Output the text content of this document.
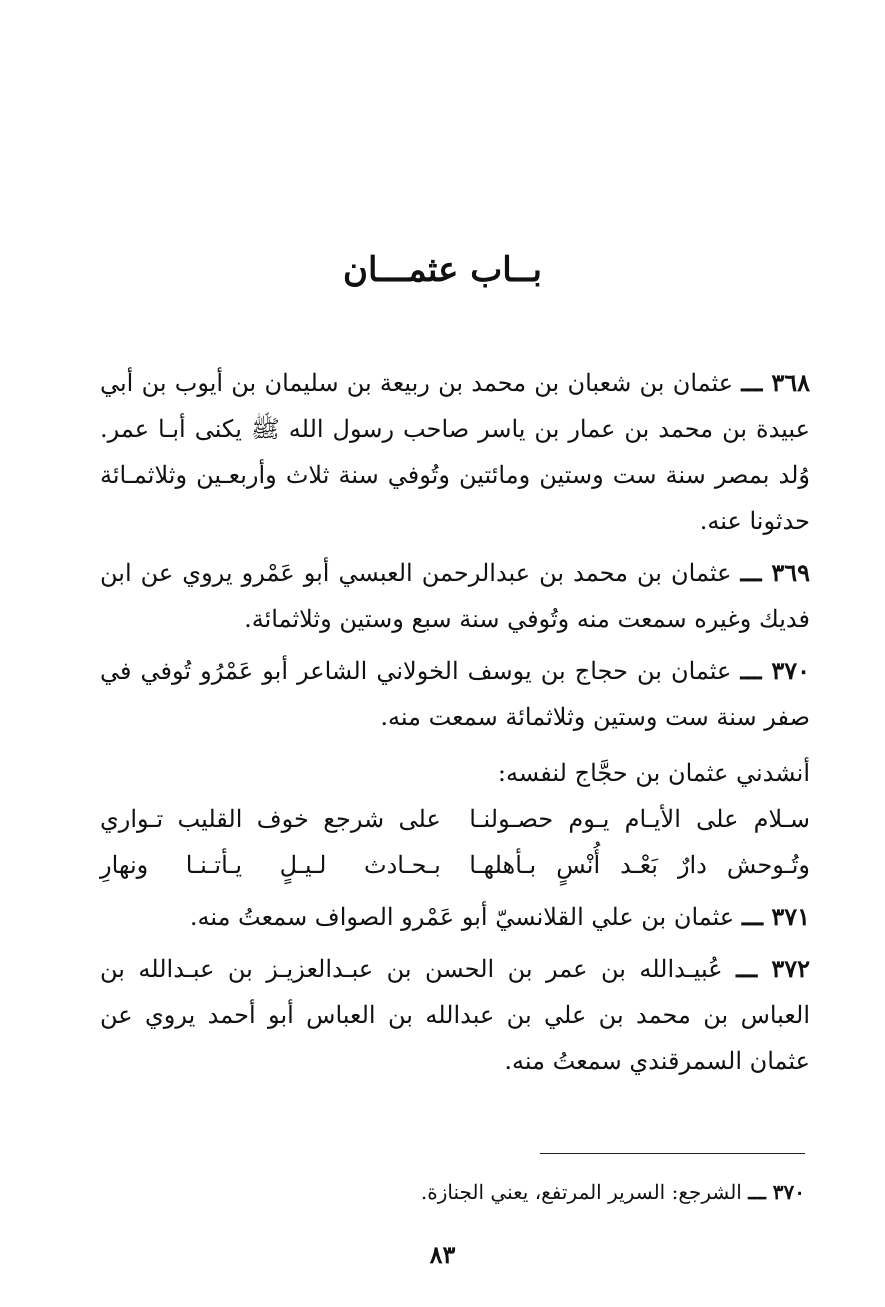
بــاب عثمـــان

٣٦٨ ـــ عثمان بن شعبان بن محمد بن ربيعة بن سليمان بن أيوب بن أبي عبيدة بن محمد بن عمار بن ياسر صاحب رسول الله ﷺ يكنى أبـا عمر. وُلد بمصر سنة ست وستين ومائتين وتُوفي سنة ثلاث وأربعـين وثلاثمـائة حدثونا عنه.

٣٦٩ ـــ عثمان بن محمد بن عبدالرحمن العبسي أبو عَمْرو يروي عن ابن فديك وغيره سمعت منه وتُوفي سنة سبع وستين وثلاثمائة.

٣٧٠ ـــ عثمان بن حجاج بن يوسف الخولاني الشاعر أبو عَمْرُو تُوفي في صفر سنة ست وستين وثلاثمائة سمعت منه.

أنشدني عثمان بن حجَّاج لنفسه:

سـلام على الأيـام يـوم حصـولنـا
على شرجع خوف القليب تـواري
وتُـوحش دارٌ بَعْـد أُنْسٍ بـأهلهـا
بـحـادث لـيـلٍ يـأتـنـا ونهارِ

٣٧١ ـــ عثمان بن علي القلانسيّ أبو عَمْرو الصواف سمعتُ منه.

٣٧٢ ـــ عُبيـدالله بن عمر بن الحسن بن عبـدالعزيـز بن عبـدالله بن العباس بن محمد بن علي بن عبدالله بن العباس أبو أحمد يروي عن عثمان السمرقندي سمعتُ منه.

٣٧٠ ـــ الشرجع: السرير المرتفع، يعني الجنازة.
٨٣
